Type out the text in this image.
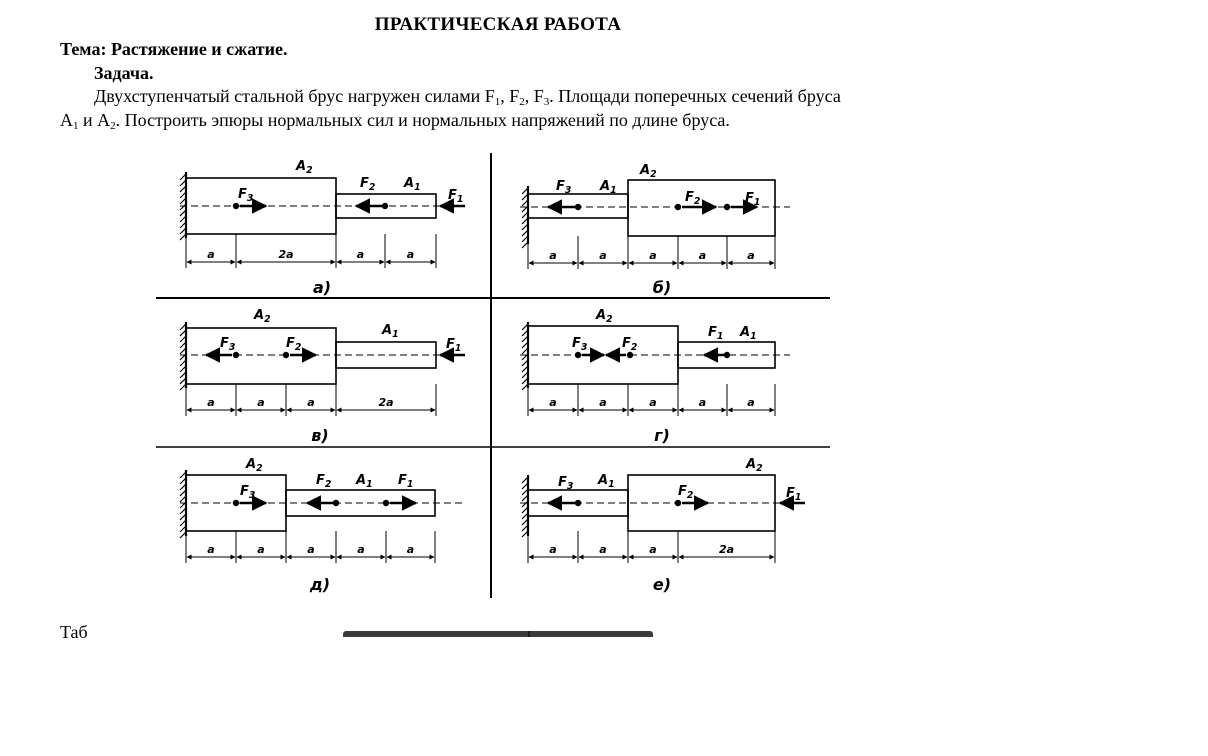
ПРАКТИЧЕСКАЯ РАБОТА
Тема: Растяжение и сжатие.
Задача.
Двухступенчатый стальной брус нагружен силами $F_1$, $F_2$, $F_3$. Площади поперечных сечений бруса
$A_1$ и $A_2$. Построить эпюры нормальных сил и нормальных напряжений по длине бруса.
$F_3$
$F_2$ $A_1$
$F_1$
$A_2$
a	2a	a	a
а)
$F_3$ $A_1$
$A_2$
$F_2$	$F_1$
a	a	a	a	a
б)
$F_3$	$F_2$
$A_2$
$A_1$
$F_1$
a	a	a	2a
в)
$F_3$	$F_2$
$A_2$
$F_1$ $A_1$
a	a	a	a	a
г)
$F_3$
$F_2$ $A_1$ $F_1$
$A_2$
a	a	a	a	a
д)
$F_3$ $A_1$	$F_2$
$A_2$
$F_1$
a	a	a	2a
е)
Таб
